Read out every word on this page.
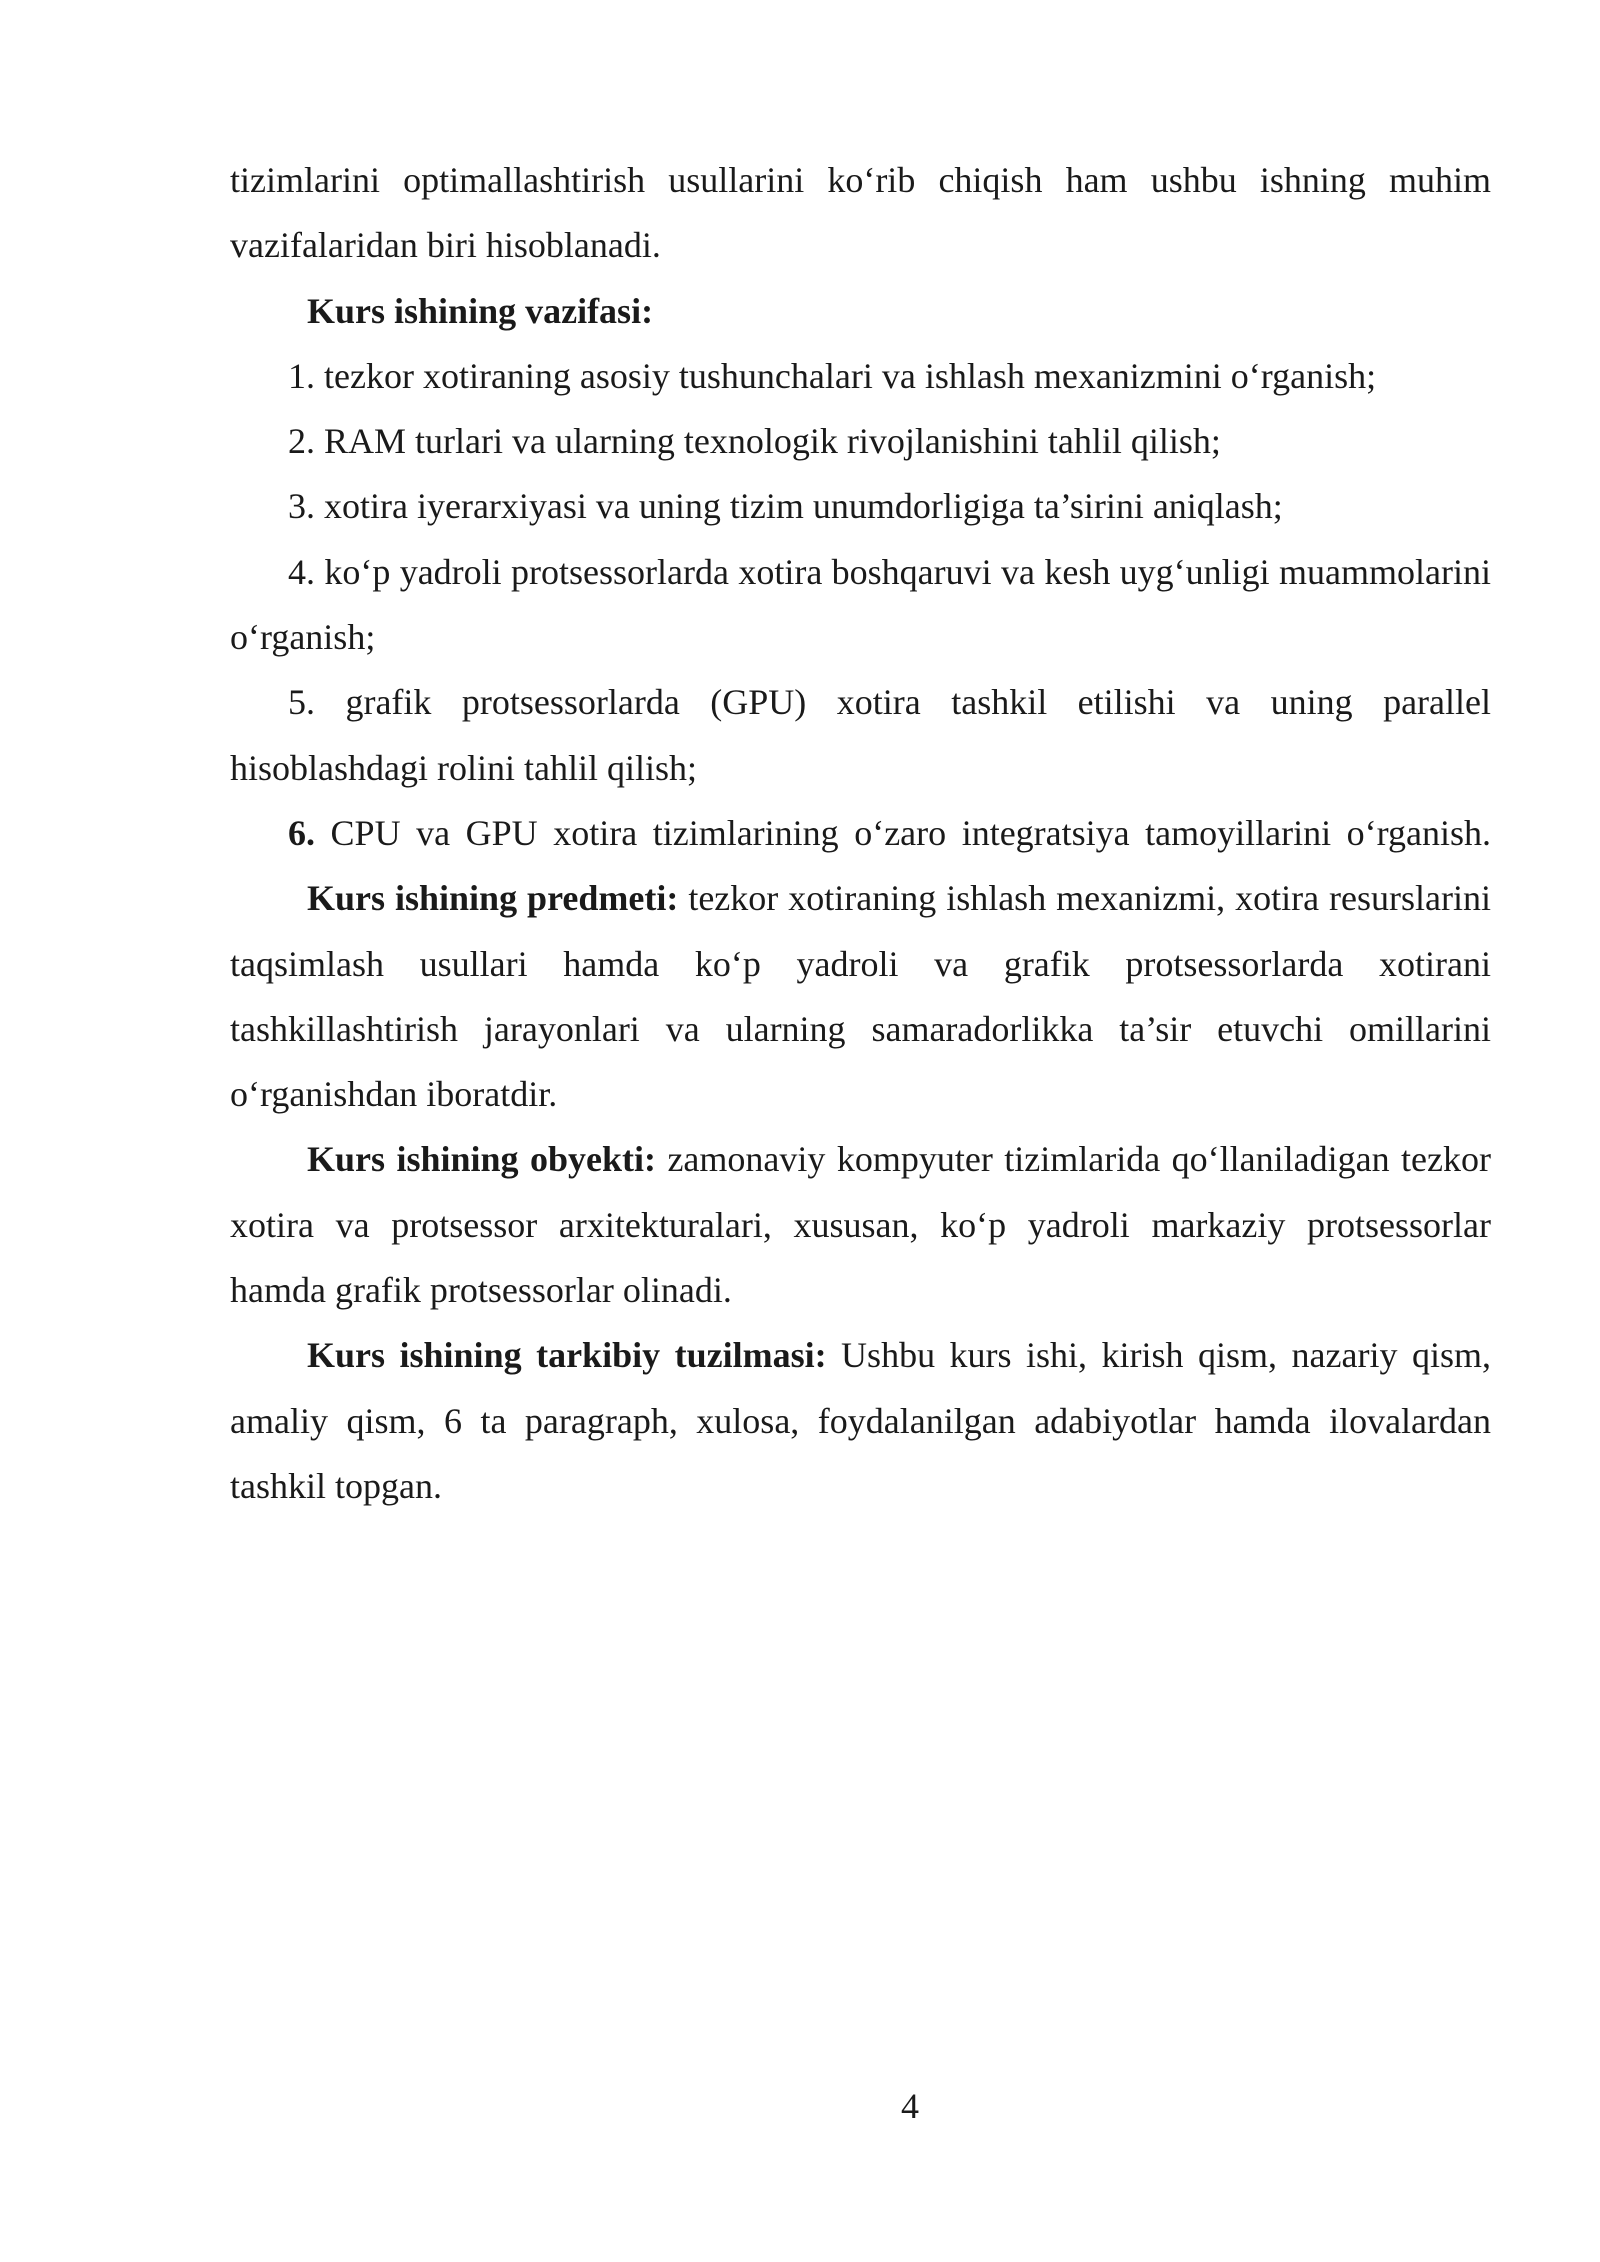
tizimlarini optimallashtirish usullarini ko‘rib chiqish ham ushbu ishning muhim vazifalaridan biri hisoblanadi.

Kurs ishining vazifasi:

1. tezkor xotiraning asosiy tushunchalari va ishlash mexanizmini o‘rganish;

2. RAM turlari va ularning texnologik rivojlanishini tahlil qilish;

3. xotira iyerarxiyasi va uning tizim unumdorligiga ta’sirini aniqlash;

4. ko‘p yadroli protsessorlarda xotira boshqaruvi va kesh uyg‘unligi muammolarini o‘rganish;

5. grafik protsessorlarda (GPU) xotira tashkil etilishi va uning parallel hisoblashdagi rolini tahlil qilish;

6. CPU va GPU xotira tizimlarining o‘zaro integratsiya tamoyillarini o‘rganish.

Kurs ishining predmeti: tezkor xotiraning ishlash mexanizmi, xotira resurslarini taqsimlash usullari hamda ko‘p yadroli va grafik protsessorlarda xotirani tashkillashtirish jarayonlari va ularning samaradorlikka ta’sir etuvchi omillarini o‘rganishdan iboratdir.

Kurs ishining obyekti: zamonaviy kompyuter tizimlarida qo‘llaniladigan tezkor xotira va protsessor arxitekturalari, xususan, ko‘p yadroli markaziy protsessorlar hamda grafik protsessorlar olinadi.

Kurs ishining tarkibiy tuzilmasi: Ushbu kurs ishi, kirish qism, nazariy qism, amaliy qism, 6 ta paragraph, xulosa, foydalanilgan adabiyotlar hamda ilovalardan tashkil topgan.

4
